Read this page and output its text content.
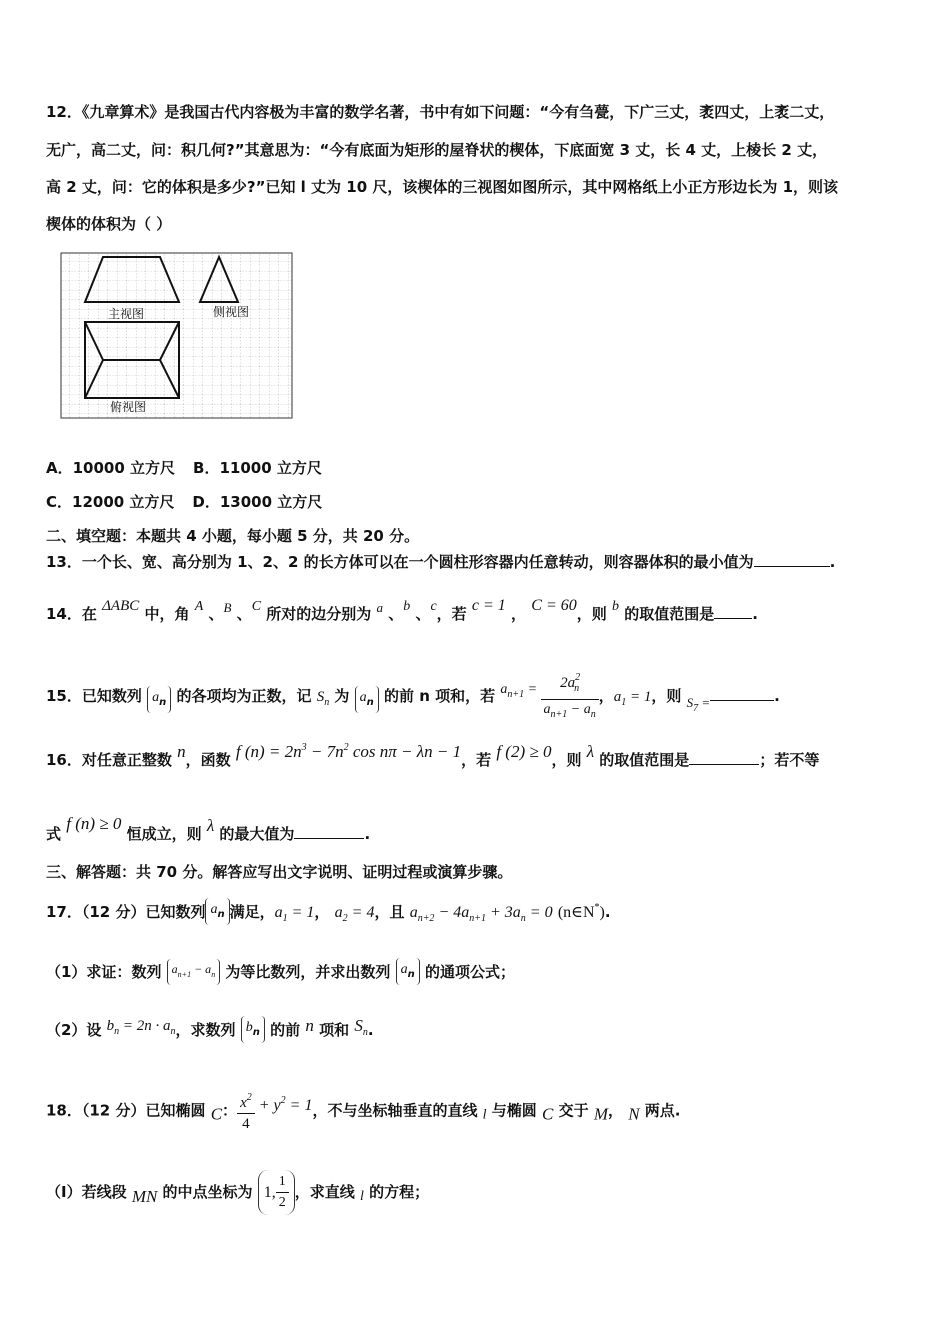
12．《九章算术》是我国古代内容极为丰富的数学名著，书中有如下问题：“今有刍甍，下广三丈，袤四丈，上袤二丈，
无广，高二丈，问：积几何?”其意思为：“今有底面为矩形的屋脊状的楔体，下底面宽 3 丈，长 4 丈，上棱长 2 丈，
高 2 丈，问：它的体积是多少?”已知 l 丈为 10 尺，该楔体的三视图如图所示，其中网格纸上小正方形边长为 1，则该
楔体的体积为（ ）
主视图	侧视图
俯视图
A．10000 立方尺 B．11000 立方尺
C．12000 立方尺 D．13000 立方尺
二、填空题：本题共 4 小题，每小题 5 分，共 20 分。
13．一个长、宽、高分别为 1、2、2 的长方体可以在一个圆柱形容器内任意转动，则容器体积的最小值为	.
14．在 ΔABC 中，角 A 、B 、C 所对的边分别为 a 、b 、c，若 c = 1 ， C = 60，则 b 的取值范围是	.
15．已知数列 $a_n$ 的各项均为正数，记 $S_n$ 为 $a_n$ 的前 n 项和，若 $a_{n+1} = \frac{2a^2_n}{a_{n+1} - a_n}$ ，$a_1 = 1$，则 $S_7$ =	.
16．对任意正整数 n，函数 f $(n) = 2n^3 - 7n^2$ cos nπ − λn − 1，若 f (2) ≥ 0，则 λ 的取值范围是	；若不等
式 f (n) ≥ 0 恒成立，则 λ 的最大值为	.
三、解答题：共 70 分。解答应写出文字说明、证明过程或演算步骤。
17．（12 分）已知数列 $a_n$ 满足，$a_1 = 1$， $a_2 = 4$，且 $a_{n+2} - 4a_{n+1} + 3a_n = 0$ (n∈N*).
（1）求证：数列 $a_{n+1} - a_n$ 为等比数列，并求出数列 $a_n$ 的通项公式；
（2）设 $b_n = 2n \cdot a_n$，求数列 $b_n$ 的前 n 项和 $S_n$.
18．（12 分）已知椭圆 C： $\frac{x^2}{4} + y^2 = 1$，不与坐标轴垂直的直线 l 与椭圆 C 交于 M， N 两点.
（Ⅰ）若线段 MN 的中点坐标为 1, $\frac{1}{2}$ ，求直线 l 的方程；
